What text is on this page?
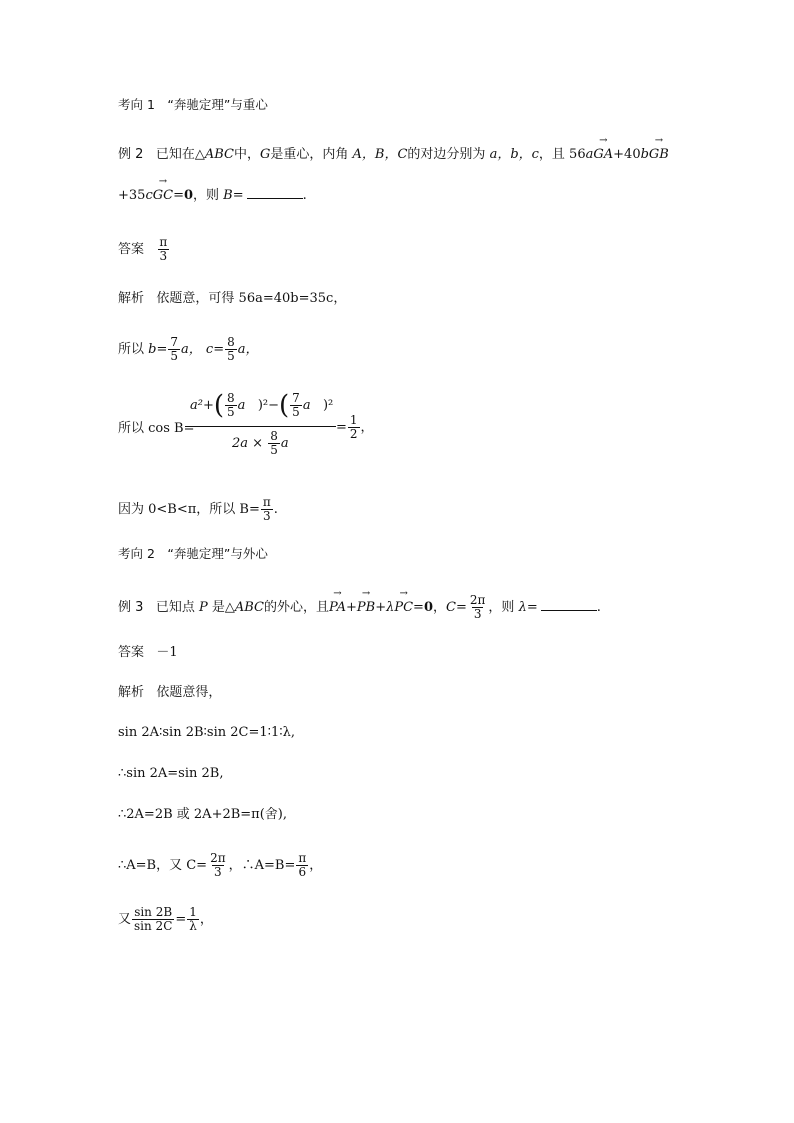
考向 1　“奔驰定理”与重心
例 2 已知在△ABC中，G是重心，内角 A，B，C的对边分别为 a，b，c，且 56a→ GA+40b→ GB
+35c→ GC=0，则 B=	.
答案 $\frac{\pi}{3}$
解析 依题意，可得 56a=40b=35c，
所以 $b= \frac{7}{5}$ a， $c= \frac{8}{5}$ a，
所以 cos B=
$a^2+( \frac{8}{5}$ a )$^2-( \frac{7}{5}$ a )²
$2a \times \frac{8}{5}$ a
= $\frac{1}{2}$ ，
因为 0<B<π，所以 $B= \frac{\pi}{3}$ .
考向 2　“奔驰定理”与外心
例 3 已知点 P 是△ABC的外心，且→ PA+→ PB+λ→ PC=0，$C= \frac{2\pi}{3}$ ，则 λ=	.
答案 －1
解析 依题意得，
sin 2A∶sin 2B∶sin 2C=1∶1∶λ,
∴sin 2A=sin 2B,
∴2A=2B 或 2A+2B=π(舍),
∴A=B，又 $C= \frac{2\pi}{3}$ ，∴A=B= $\frac{\pi}{6}$ ，
又 $\frac{\sin 2B}{\sin 2C} = \frac{1}{\lambda}$ ，
